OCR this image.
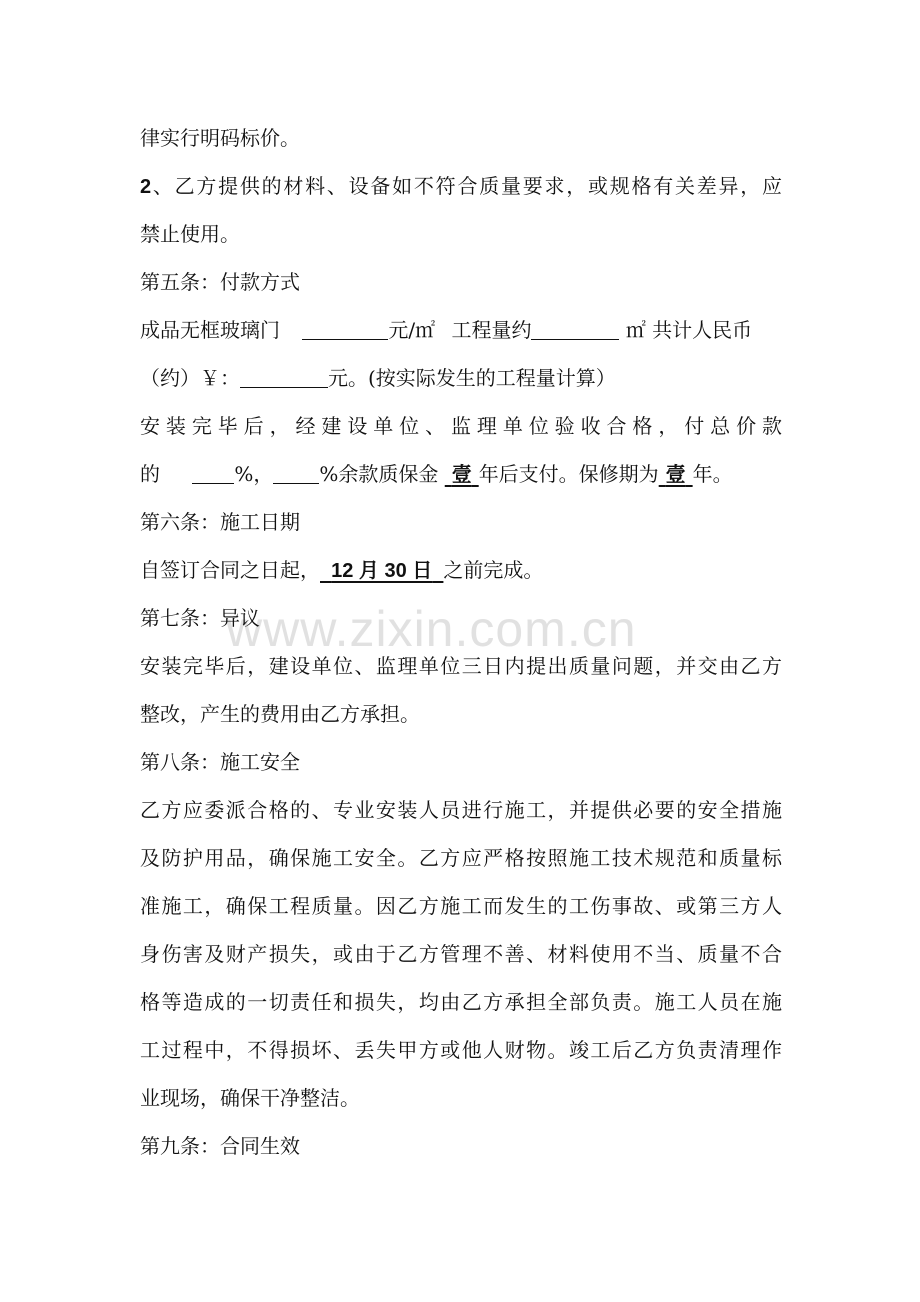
www.zixin.com.cn
律实行明码标价。
2、乙方提供的材料、设备如不符合质量要求，或规格有关差异，应
禁止使用。
第五条：付款方式
成品无框玻璃门	元/㎡ 工程量约	㎡ 共计人民币
（约）￥：	元。(按实际发生的工程量计算）
安装完毕后，经建设单位、监理单位验收合格，付总价款
的	%， %余款质保金 壹 年后支付。保修期为 壹 年。
第六条：施工日期
自签订合同之日起， 12 月 30 日 之前完成。
第七条：异议
安装完毕后，建设单位、监理单位三日内提出质量问题，并交由乙方
整改，产生的费用由乙方承担。
第八条：施工安全
乙方应委派合格的、专业安装人员进行施工，并提供必要的安全措施
及防护用品，确保施工安全。乙方应严格按照施工技术规范和质量标
准施工，确保工程质量。因乙方施工而发生的工伤事故、或第三方人
身伤害及财产损失，或由于乙方管理不善、材料使用不当、质量不合
格等造成的一切责任和损失，均由乙方承担全部负责。施工人员在施
工过程中，不得损坏、丢失甲方或他人财物。竣工后乙方负责清理作
业现场，确保干净整洁。
第九条：合同生效
